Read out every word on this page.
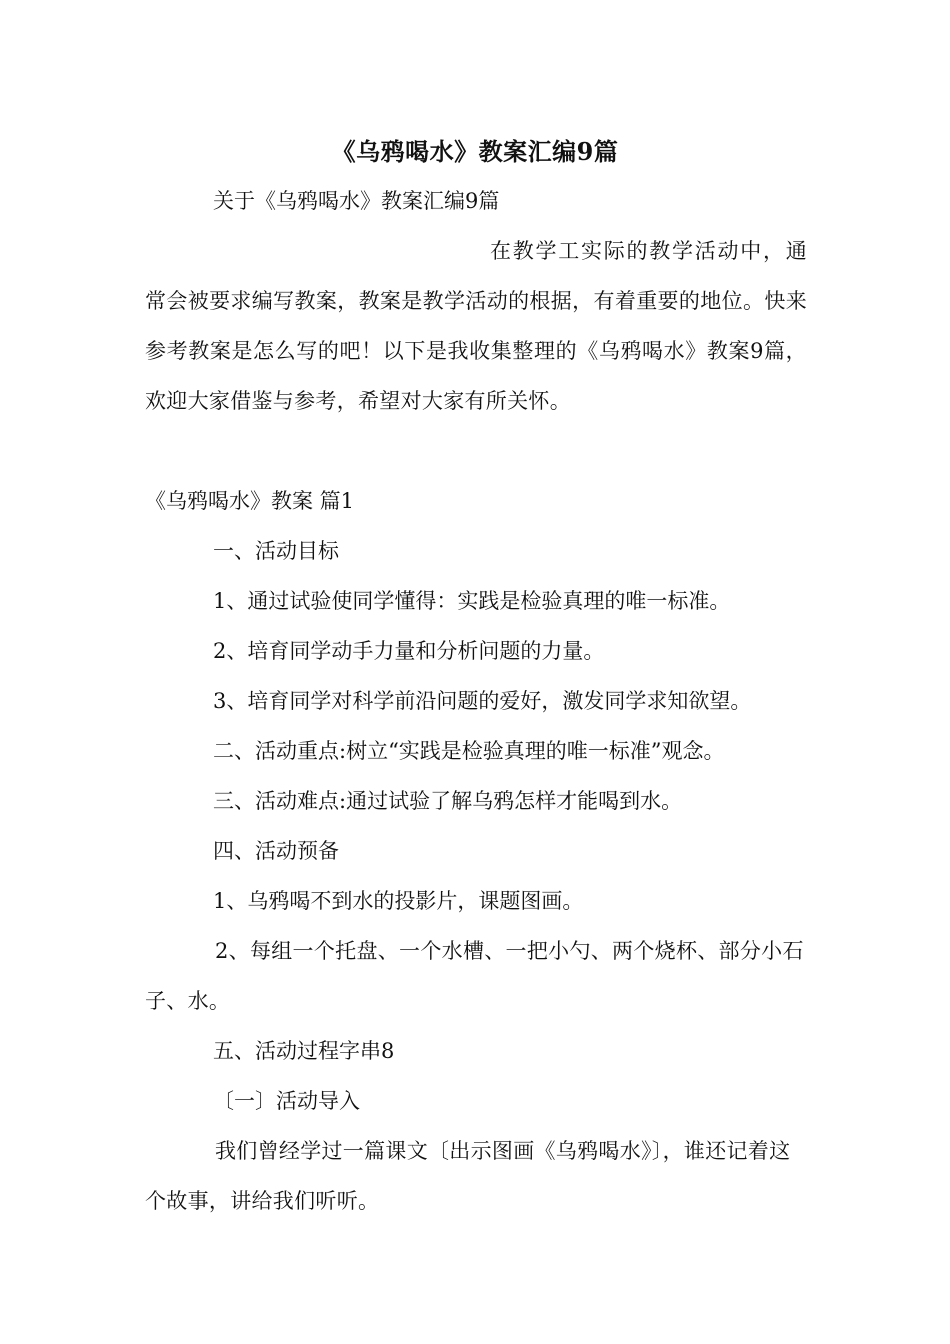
《乌鸦喝水》教案汇编9篇
关于《乌鸦喝水》教案汇编9篇
在教学工实际的教学活动中，通常会被要求编写教案，教案是教学活动的根据，有着重要的地位。快来参考教案是怎么写的吧！以下是我收集整理的《乌鸦喝水》教案9篇，欢迎大家借鉴与参考，希望对大家有所关怀。
《乌鸦喝水》教案 篇1
一、活动目标
1、通过试验使同学懂得：实践是检验真理的唯一标准。
2、培育同学动手力量和分析问题的力量。
3、培育同学对科学前沿问题的爱好，激发同学求知欲望。
二、活动重点:树立“实践是检验真理的唯一标准”观念。
三、活动难点:通过试验了解乌鸦怎样才能喝到水。
四、活动预备
1、乌鸦喝不到水的投影片，课题图画。
2、每组一个托盘、一个水槽、一把小勺、两个烧杯、部分小石子、水。
五、活动过程字串8
〔一〕活动导入
我们曾经学过一篇课文〔出示图画《乌鸦喝水》〕，谁还记着这个故事，讲给我们听听。
